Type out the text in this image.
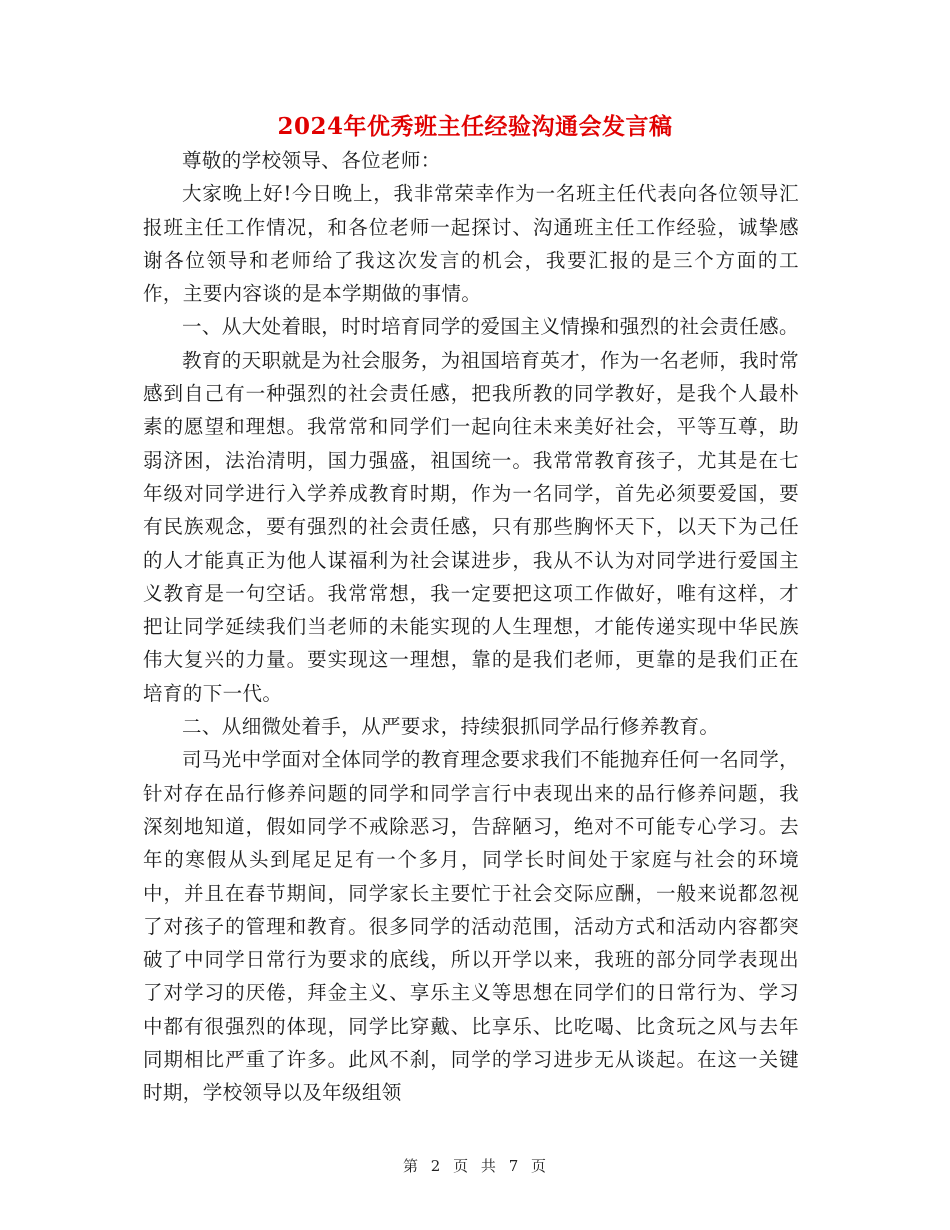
2024年优秀班主任经验沟通会发言稿

尊敬的学校领导、各位老师：

大家晚上好!今日晚上，我非常荣幸作为一名班主任代表向各位领导汇报班主任工作情况，和各位老师一起探讨、沟通班主任工作经验，诚挚感谢各位领导和老师给了我这次发言的机会，我要汇报的是三个方面的工作，主要内容谈的是本学期做的事情。

一、从大处着眼，时时培育同学的爱国主义情操和强烈的社会责任感。

教育的天职就是为社会服务，为祖国培育英才，作为一名老师，我时常感到自己有一种强烈的社会责任感，把我所教的同学教好，是我个人最朴素的愿望和理想。我常常和同学们一起向往未来美好社会，平等互尊，助弱济困，法治清明，国力强盛，祖国统一。我常常教育孩子，尤其是在七年级对同学进行入学养成教育时期，作为一名同学，首先必须要爱国，要有民族观念，要有强烈的社会责任感，只有那些胸怀天下，以天下为己任的人才能真正为他人谋福利为社会谋进步，我从不认为对同学进行爱国主义教育是一句空话。我常常想，我一定要把这项工作做好，唯有这样，才把让同学延续我们当老师的未能实现的人生理想，才能传递实现中华民族伟大复兴的力量。要实现这一理想，靠的是我们老师，更靠的是我们正在培育的下一代。

二、从细微处着手，从严要求，持续狠抓同学品行修养教育。

司马光中学面对全体同学的教育理念要求我们不能抛弃任何一名同学，针对存在品行修养问题的同学和同学言行中表现出来的品行修养问题，我深刻地知道，假如同学不戒除恶习，告辞陋习，绝对不可能专心学习。去年的寒假从头到尾足足有一个多月，同学长时间处于家庭与社会的环境中，并且在春节期间，同学家长主要忙于社会交际应酬，一般来说都忽视了对孩子的管理和教育。很多同学的活动范围，活动方式和活动内容都突破了中同学日常行为要求的底线，所以开学以来，我班的部分同学表现出了对学习的厌倦，拜金主义、享乐主义等思想在同学们的日常行为、学习中都有很强烈的体现，同学比穿戴、比享乐、比吃喝、比贪玩之风与去年同期相比严重了许多。此风不刹，同学的学习进步无从谈起。在这一关键时期，学校领导以及年级组领

第 2 页 共 7 页
